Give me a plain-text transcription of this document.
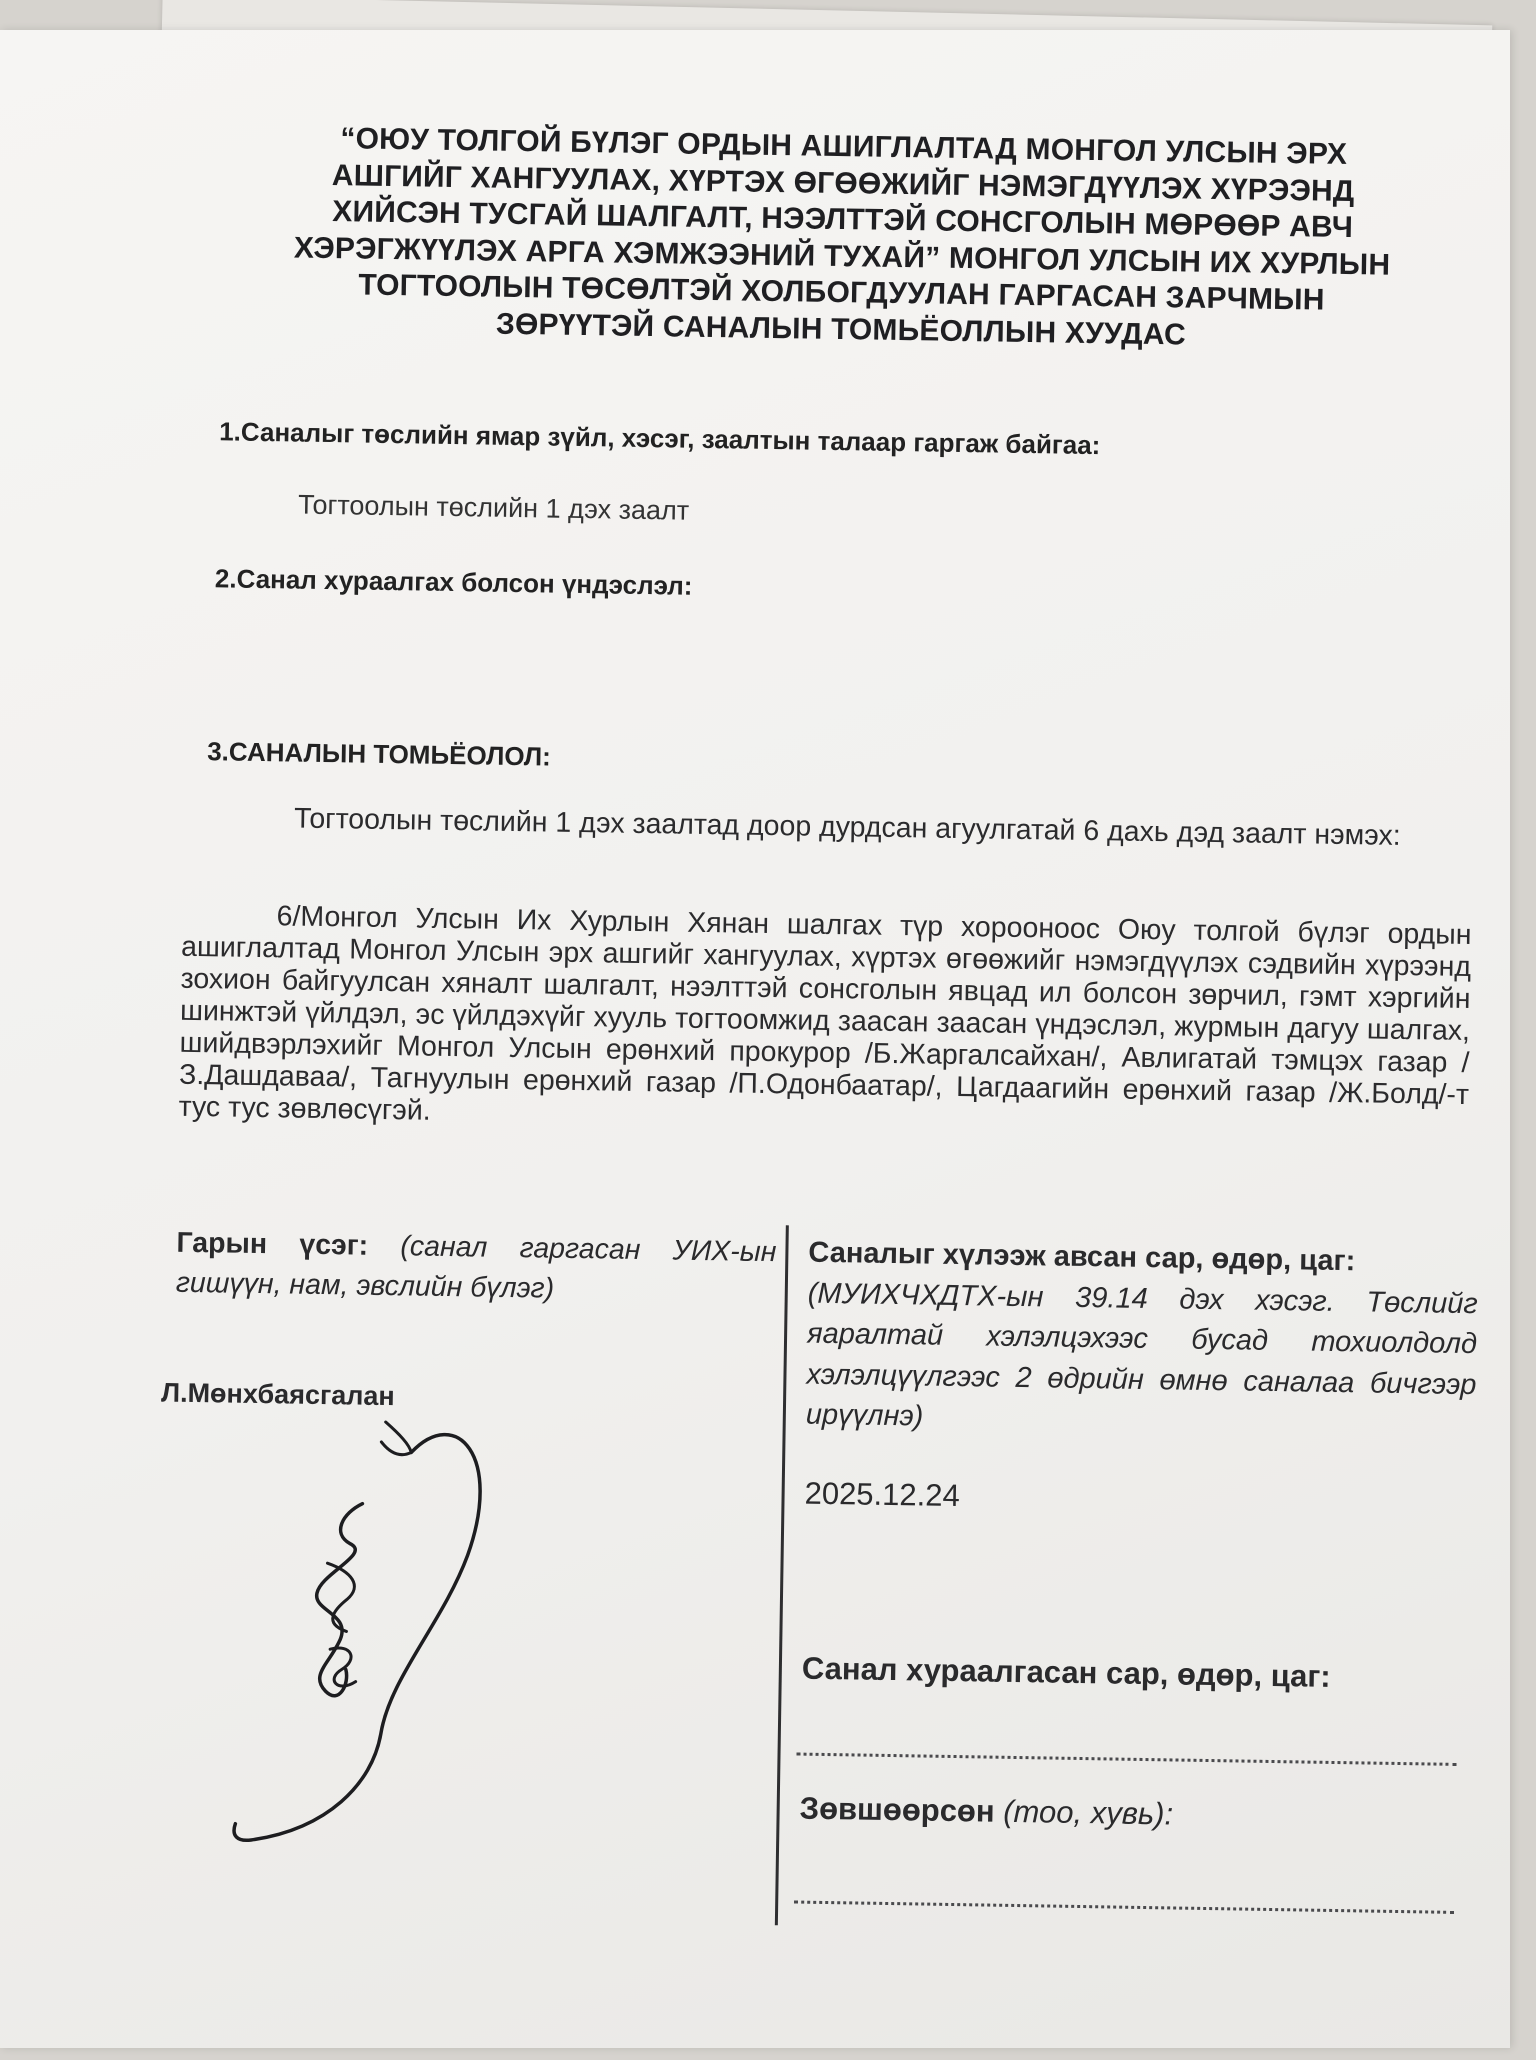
“ОЮУ ТОЛГОЙ БҮЛЭГ ОРДЫН АШИГЛАЛТАД МОНГОЛ УЛСЫН ЭРХ АШГИЙГ ХАНГУУЛАХ, ХҮРТЭХ ӨГӨӨЖИЙГ НЭМЭГДҮҮЛЭХ ХҮРЭЭНД ХИЙСЭН ТУСГАЙ ШАЛГАЛТ, НЭЭЛТТЭЙ СОНСГОЛЫН МӨРӨӨР АВЧ ХЭРЭГЖҮҮЛЭХ АРГА ХЭМЖЭЭНИЙ ТУХАЙ” МОНГОЛ УЛСЫН ИХ ХУРЛЫН ТОГТООЛЫН ТӨСӨЛТЭЙ ХОЛБОГДУУЛАН ГАРГАСАН ЗАРЧМЫН ЗӨРҮҮТЭЙ САНАЛЫН ТОМЬЁОЛЛЫН ХУУДАС

1.Саналыг төслийн ямар зүйл, хэсэг, заалтын талаар гаргаж байгаа:

Тогтоолын төслийн 1 дэх заалт

2.Санал хураалгах болсон үндэслэл:

3.САНАЛЫН ТОМЬЁОЛОЛ:

Тогтоолын төслийн 1 дэх заалтад доор дурдсан агуулгатай 6 дахь дэд заалт нэмэх:

6/Монгол Улсын Их Хурлын Хянан шалгах түр хорооноос Оюу толгой бүлэг ордын ашиглалтад Монгол Улсын эрх ашгийг хангуулах, хүртэх өгөөжийг нэмэгдүүлэх сэдвийн хүрээнд зохион байгуулсан хяналт шалгалт, нээлттэй сонсголын явцад ил болсон зөрчил, гэмт хэргийн шинжтэй үйлдэл, эс үйлдэхүйг хууль тогтоомжид заасан заасан үндэслэл, журмын дагуу шалгах, шийдвэрлэхийг Монгол Улсын ерөнхий прокурор /Б.Жаргалсайхан/, Авлигатай тэмцэх газар /З.Дашдаваа/, Тагнуулын ерөнхий газар /П.Одонбаатар/, Цагдаагийн ерөнхий газар /Ж.Болд/-т тус тус зөвлөсүгэй.

Гарын үсэг: (санал гаргасан УИХ-ын гишүүн, нам, эвслийн бүлэг)

Л.Мөнхбаясгалан

Саналыг хүлээж авсан сар, өдөр, цаг:
(МУИХЧХДТХ-ын 39.14 дэх хэсэг. Төслийг яаралтай хэлэлцэхээс бусад тохиолдолд хэлэлцүүлгээс 2 өдрийн өмнө саналаа бичгээр ирүүлнэ)

2025.12.24

Санал хураалгасан сар, өдөр, цаг:

Зөвшөөрсөн (тоо, хувь):
